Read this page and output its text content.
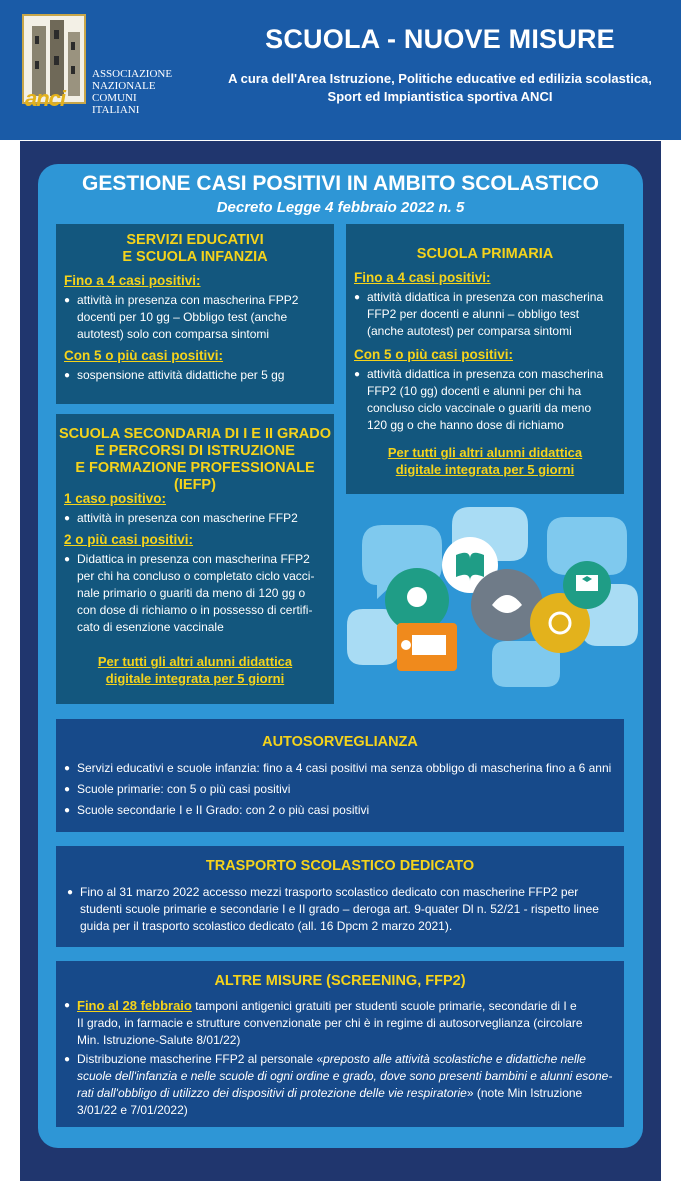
anci
ASSOCIAZIONE
NAZIONALE
COMUNI
ITALIANI
SCUOLA - NUOVE MISURE
A cura dell'Area Istruzione, Politiche educative ed edilizia scolastica,
Sport ed Impiantistica sportiva ANCI
GESTIONE CASI POSITIVI IN AMBITO SCOLASTICO
Decreto Legge 4 febbraio 2022 n. 5
SERVIZI EDUCATIVI
E SCUOLA INFANZIA
Fino a 4 casi positivi:
● attività in presenza con mascherina FPP2
docenti per 10 gg – Obbligo test (anche
autotest) solo con comparsa sintomi
Con 5 o più casi positivi:
● sospensione attività didattiche per 5 gg
SCUOLA PRIMARIA
Fino a 4 casi positivi:
● attività didattica in presenza con mascherina
FFP2 per docenti e alunni – obbligo test
(anche autotest) per comparsa sintomi
Con 5 o più casi positivi:
● attività didattica in presenza con mascherina
FFP2 (10 gg) docenti e alunni per chi ha
concluso ciclo vaccinale o guariti da meno
120 gg o che hanno dose di richiamo
Per tutti gli altri alunni didattica
digitale integrata per 5 giorni
SCUOLA SECONDARIA DI I E II GRADO
E PERCORSI DI ISTRUZIONE
E FORMAZIONE PROFESSIONALE (IEFP)
1 caso positivo:
● attività in presenza con mascherine FFP2
2 o più casi positivi:
● Didattica in presenza con mascherina FFP2
per chi ha concluso o completato ciclo vacci-
nale primario o guariti da meno di 120 gg o
con dose di richiamo o in possesso di certifi-
cato di esenzione vaccinale
Per tutti gli altri alunni didattica
digitale integrata per 5 giorni
AUTOSORVEGLIANZA
● Servizi educativi e scuole infanzia: fino a 4 casi positivi ma senza obbligo di mascherina fino a 6 anni
● Scuole primarie: con 5 o più casi positivi
● Scuole secondarie I e II Grado: con 2 o più casi positivi
TRASPORTO SCOLASTICO DEDICATO
● Fino al 31 marzo 2022 accesso mezzi trasporto scolastico dedicato con mascherine FFP2 per
studenti scuole primarie e secondarie I e II grado – deroga art. 9-quater Dl n. 52/21 - rispetto linee
guida per il trasporto scolastico dedicato (all. 16 Dpcm 2 marzo 2021).
ALTRE MISURE (SCREENING, FFP2)
● Fino al 28 febbraio tamponi antigenici gratuiti per studenti scuole primarie, secondarie di I e
II grado, in farmacie e strutture convenzionate per chi è in regime di autosorveglianza (circolare
Min. Istruzione-Salute 8/01/22)
● Distribuzione mascherine FFP2 al personale «preposto alle attività scolastiche e didattiche nelle
scuole dell'infanzia e nelle scuole di ogni ordine e grado, dove sono presenti bambini e alunni esone-
rati dall'obbligo di utilizzo dei dispositivi di protezione delle vie respiratorie» (note Min Istruzione
3/01/22 e 7/01/2022)
